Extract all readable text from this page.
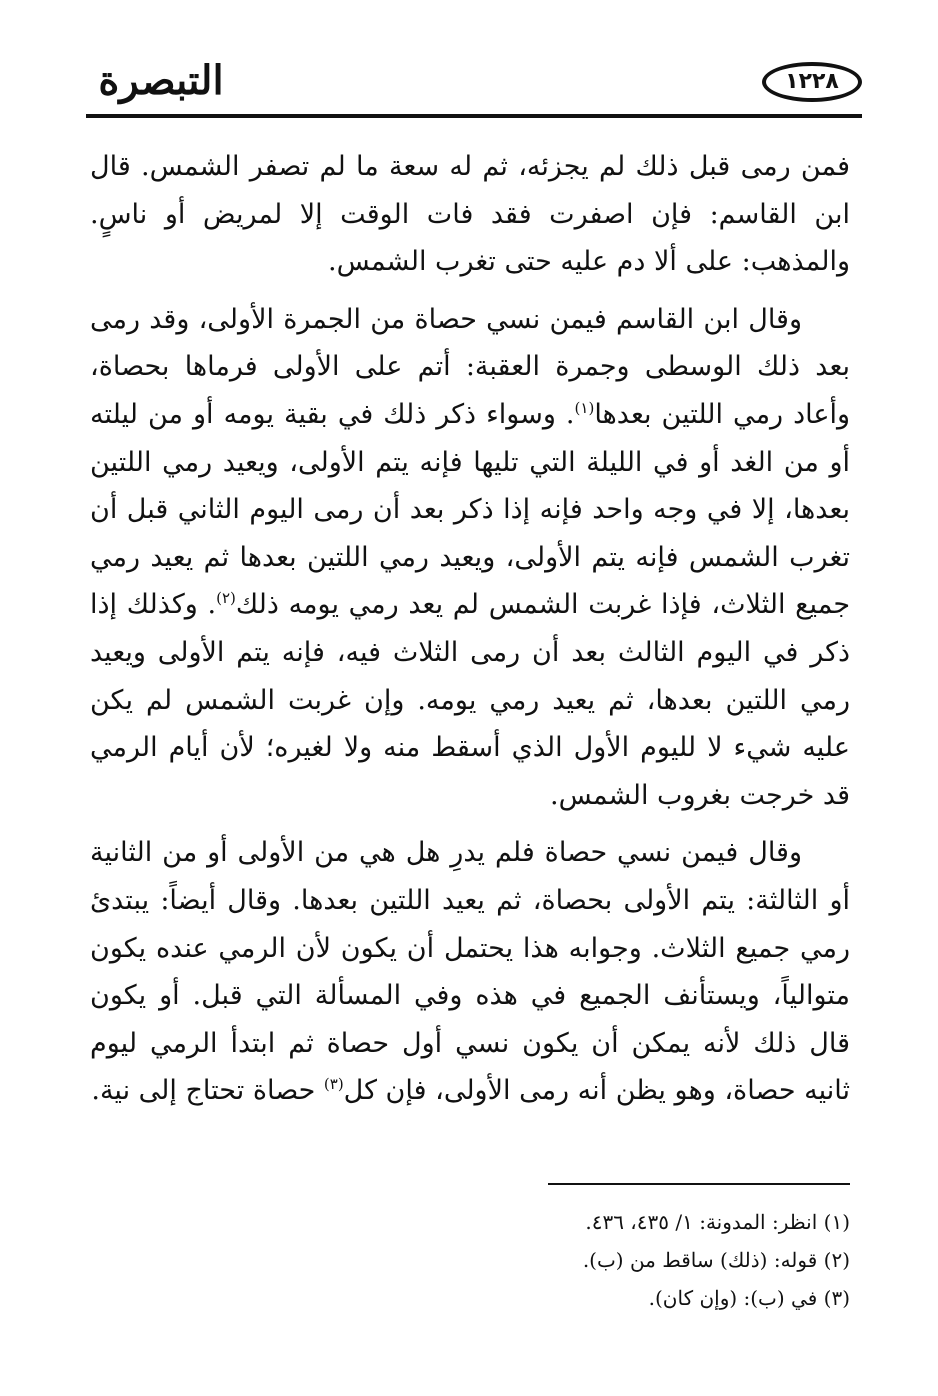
التبصرة	١٢٢٨

فمن رمى قبل ذلك لم يجزئه، ثم له سعة ما لم تصفر الشمس. قال ابن القاسم: فإن اصفرت فقد فات الوقت إلا لمريض أو ناسٍ. والمذهب: على ألا دم عليه حتى تغرب الشمس.

وقال ابن القاسم فيمن نسي حصاة من الجمرة الأولى، وقد رمى بعد ذلك الوسطى وجمرة العقبة: أتم على الأولى فرماها بحصاة، وأعاد رمي اللتين بعدها$^{(١)}$. وسواء ذكر ذلك في بقية يومه أو من ليلته أو من الغد أو في الليلة التي تليها فإنه يتم الأولى، ويعيد رمي اللتين بعدها، إلا في وجه واحد فإنه إذا ذكر بعد أن رمى اليوم الثاني قبل أن تغرب الشمس فإنه يتم الأولى، ويعيد رمي اللتين بعدها ثم يعيد رمي جميع الثلاث، فإذا غربت الشمس لم يعد رمي يومه ذلك$^{(٢)}$. وكذلك إذا ذكر في اليوم الثالث بعد أن رمى الثلاث فيه، فإنه يتم الأولى ويعيد رمي اللتين بعدها، ثم يعيد رمي يومه. وإن غربت الشمس لم يكن عليه شيء لا لليوم الأول الذي أسقط منه ولا لغيره؛ لأن أيام الرمي قد خرجت بغروب الشمس.

وقال فيمن نسي حصاة فلم يدرِ هل هي من الأولى أو من الثانية أو الثالثة: يتم الأولى بحصاة، ثم يعيد اللتين بعدها. وقال أيضاً: يبتدئ رمي جميع الثلاث. وجوابه هذا يحتمل أن يكون لأن الرمي عنده يكون متوالياً، ويستأنف الجميع في هذه وفي المسألة التي قبل. أو يكون قال ذلك لأنه يمكن أن يكون نسي أول حصاة ثم ابتدأ الرمي ليوم ثانيه حصاة، وهو يظن أنه رمى الأولى، فإن كل$^{(٣)}$ حصاة تحتاج إلى نية.

(١) انظر: المدونة: ١/ ٤٣٥، ٤٣٦.
(٢) قوله: (ذلك) ساقط من (ب).
(٣) في (ب): (وإن كان).
